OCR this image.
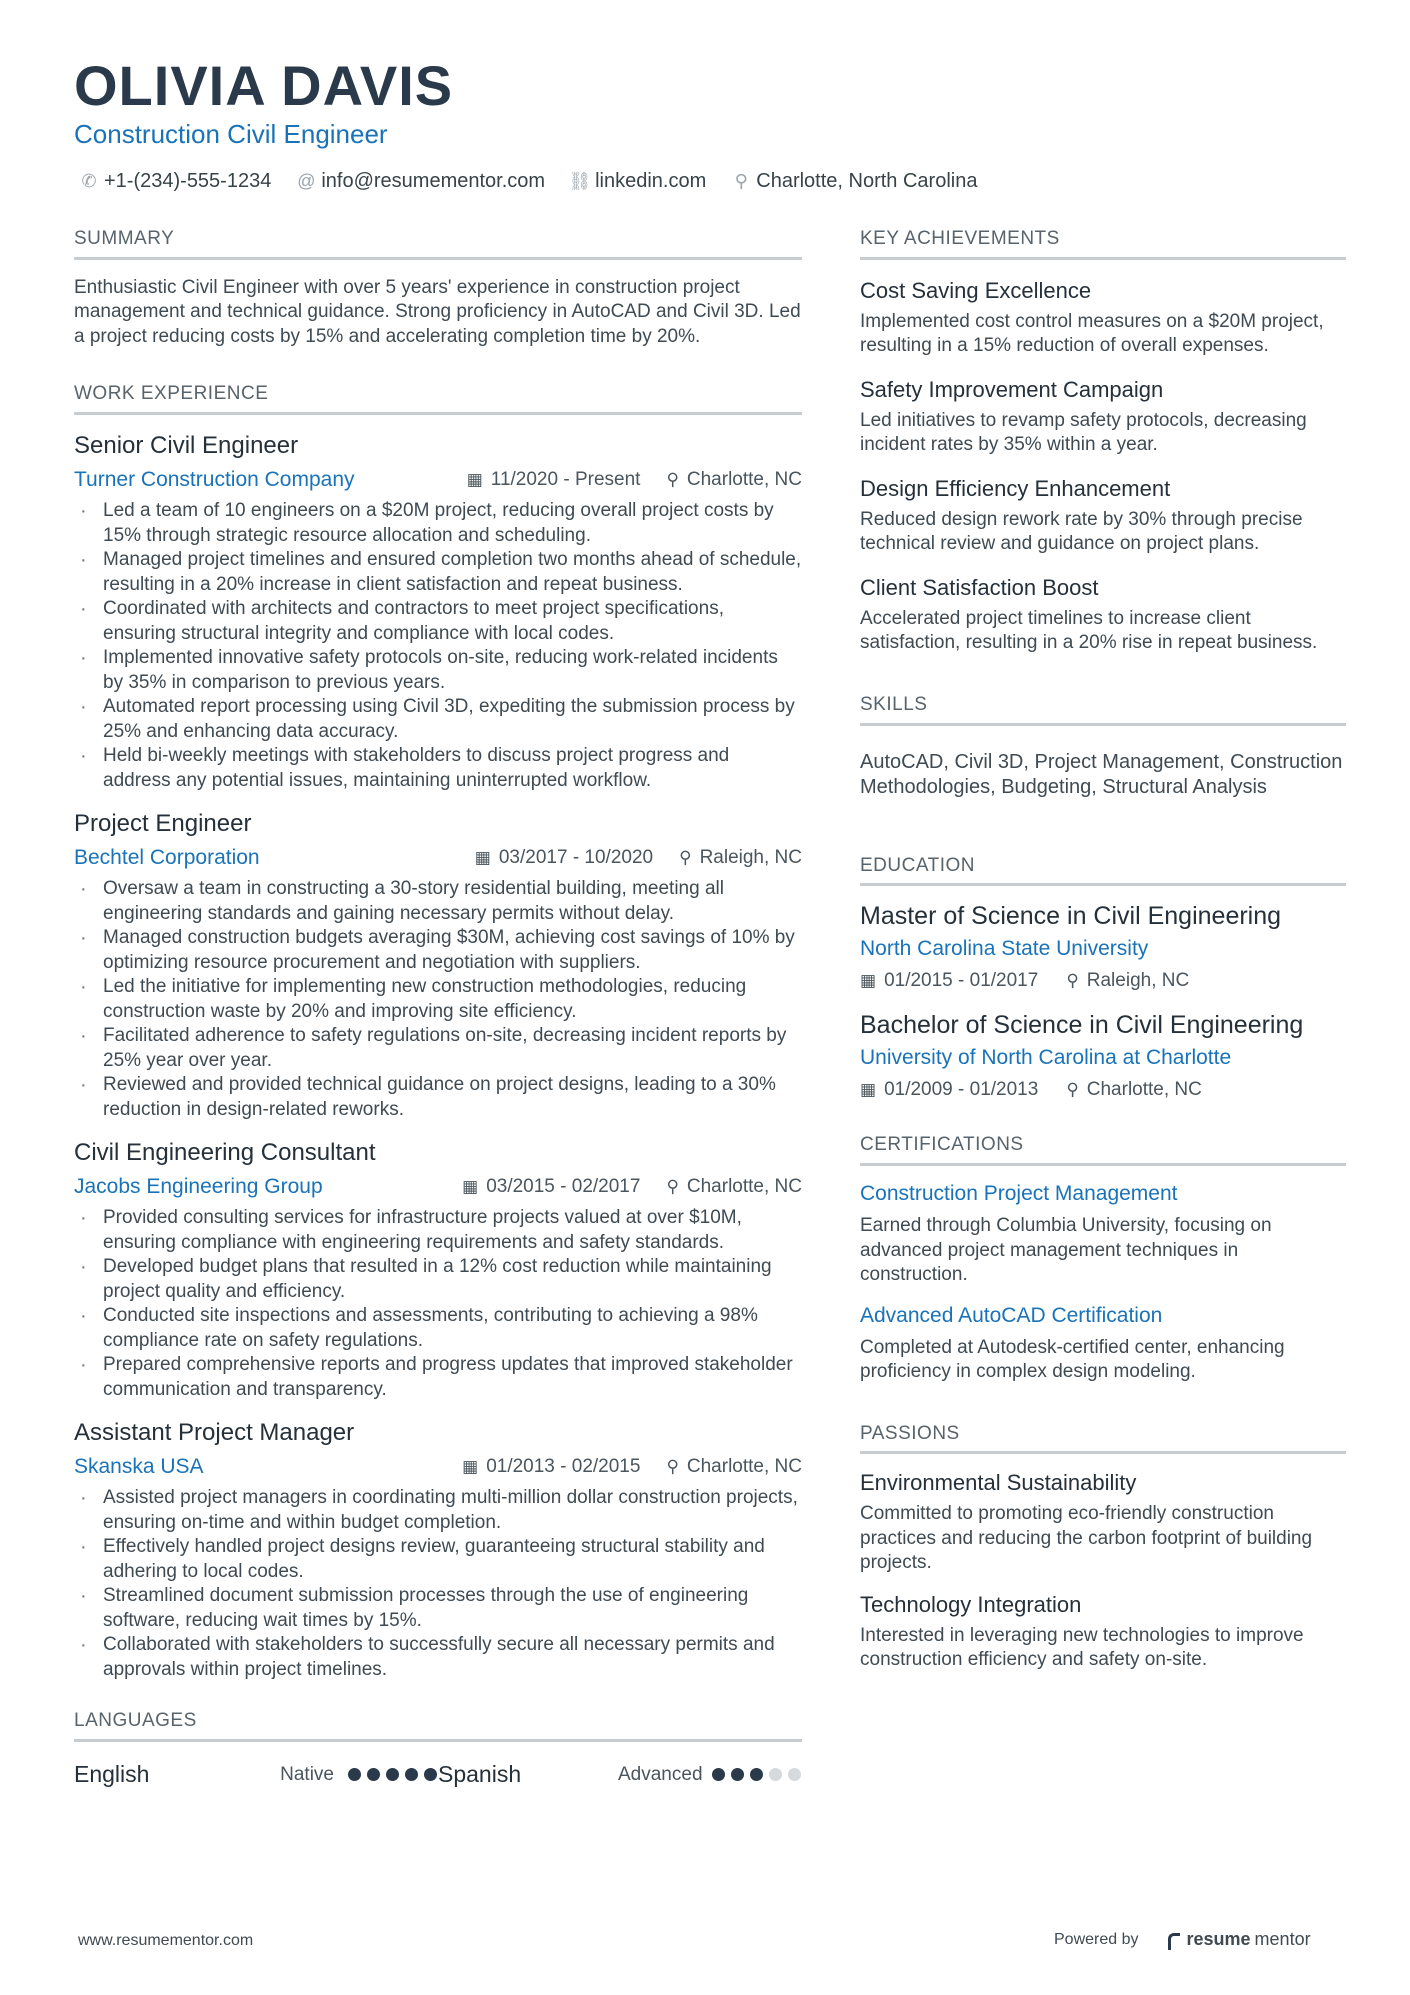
OLIVIA DAVIS
Construction Civil Engineer
✆ +1-(234)-555-1234 @ info@resumementor.com ⛓ linkedin.com ⚲ Charlotte, North Carolina
SUMMARY
Enthusiastic Civil Engineer with over 5 years' experience in construction project management and technical guidance. Strong proficiency in AutoCAD and Civil 3D. Led a project reducing costs by 15% and accelerating completion time by 20%.
WORK EXPERIENCE
Senior Civil Engineer
Turner Construction Company	▦ 11/2020 - Present ⚲ Charlotte, NC
· Led a team of 10 engineers on a $20M project, reducing overall project costs by 15% through strategic resource allocation and scheduling.
· Managed project timelines and ensured completion two months ahead of schedule, resulting in a 20% increase in client satisfaction and repeat business.
· Coordinated with architects and contractors to meet project specifications, ensuring structural integrity and compliance with local codes.
· Implemented innovative safety protocols on-site, reducing work-related incidents by 35% in comparison to previous years.
· Automated report processing using Civil 3D, expediting the submission process by 25% and enhancing data accuracy.
· Held bi-weekly meetings with stakeholders to discuss project progress and address any potential issues, maintaining uninterrupted workflow.
Project Engineer
Bechtel Corporation	▦ 03/2017 - 10/2020 ⚲ Raleigh, NC
· Oversaw a team in constructing a 30-story residential building, meeting all engineering standards and gaining necessary permits without delay.
· Managed construction budgets averaging $30M, achieving cost savings of 10% by optimizing resource procurement and negotiation with suppliers.
· Led the initiative for implementing new construction methodologies, reducing construction waste by 20% and improving site efficiency.
· Facilitated adherence to safety regulations on-site, decreasing incident reports by 25% year over year.
· Reviewed and provided technical guidance on project designs, leading to a 30% reduction in design-related reworks.
Civil Engineering Consultant
Jacobs Engineering Group	▦ 03/2015 - 02/2017 ⚲ Charlotte, NC
· Provided consulting services for infrastructure projects valued at over $10M, ensuring compliance with engineering requirements and safety standards.
· Developed budget plans that resulted in a 12% cost reduction while maintaining project quality and efficiency.
· Conducted site inspections and assessments, contributing to achieving a 98% compliance rate on safety regulations.
· Prepared comprehensive reports and progress updates that improved stakeholder communication and transparency.
Assistant Project Manager
Skanska USA	▦ 01/2013 - 02/2015 ⚲ Charlotte, NC
· Assisted project managers in coordinating multi-million dollar construction projects, ensuring on-time and within budget completion.
· Effectively handled project designs review, guaranteeing structural stability and adhering to local codes.
· Streamlined document submission processes through the use of engineering software, reducing wait times by 15%.
· Collaborated with stakeholders to successfully secure all necessary permits and approvals within project timelines.
LANGUAGES
English	Native	Spanish	Advanced
KEY ACHIEVEMENTS
Cost Saving Excellence
Implemented cost control measures on a $20M project, resulting in a 15% reduction of overall expenses.
Safety Improvement Campaign
Led initiatives to revamp safety protocols, decreasing incident rates by 35% within a year.
Design Efficiency Enhancement
Reduced design rework rate by 30% through precise technical review and guidance on project plans.
Client Satisfaction Boost
Accelerated project timelines to increase client satisfaction, resulting in a 20% rise in repeat business.
SKILLS
AutoCAD, Civil 3D, Project Management, Construction Methodologies, Budgeting, Structural Analysis
EDUCATION
Master of Science in Civil Engineering
North Carolina State University
▦ 01/2015 - 01/2017 ⚲ Raleigh, NC
Bachelor of Science in Civil Engineering
University of North Carolina at Charlotte
▦ 01/2009 - 01/2013 ⚲ Charlotte, NC
CERTIFICATIONS
Construction Project Management
Earned through Columbia University, focusing on advanced project management techniques in construction.
Advanced AutoCAD Certification
Completed at Autodesk-certified center, enhancing proficiency in complex design modeling.
PASSIONS
Environmental Sustainability
Committed to promoting eco-friendly construction practices and reducing the carbon footprint of building projects.
Technology Integration
Interested in leveraging new technologies to improve construction efficiency and safety on-site.
www.resumementor.com	Powered by	resume mentor
